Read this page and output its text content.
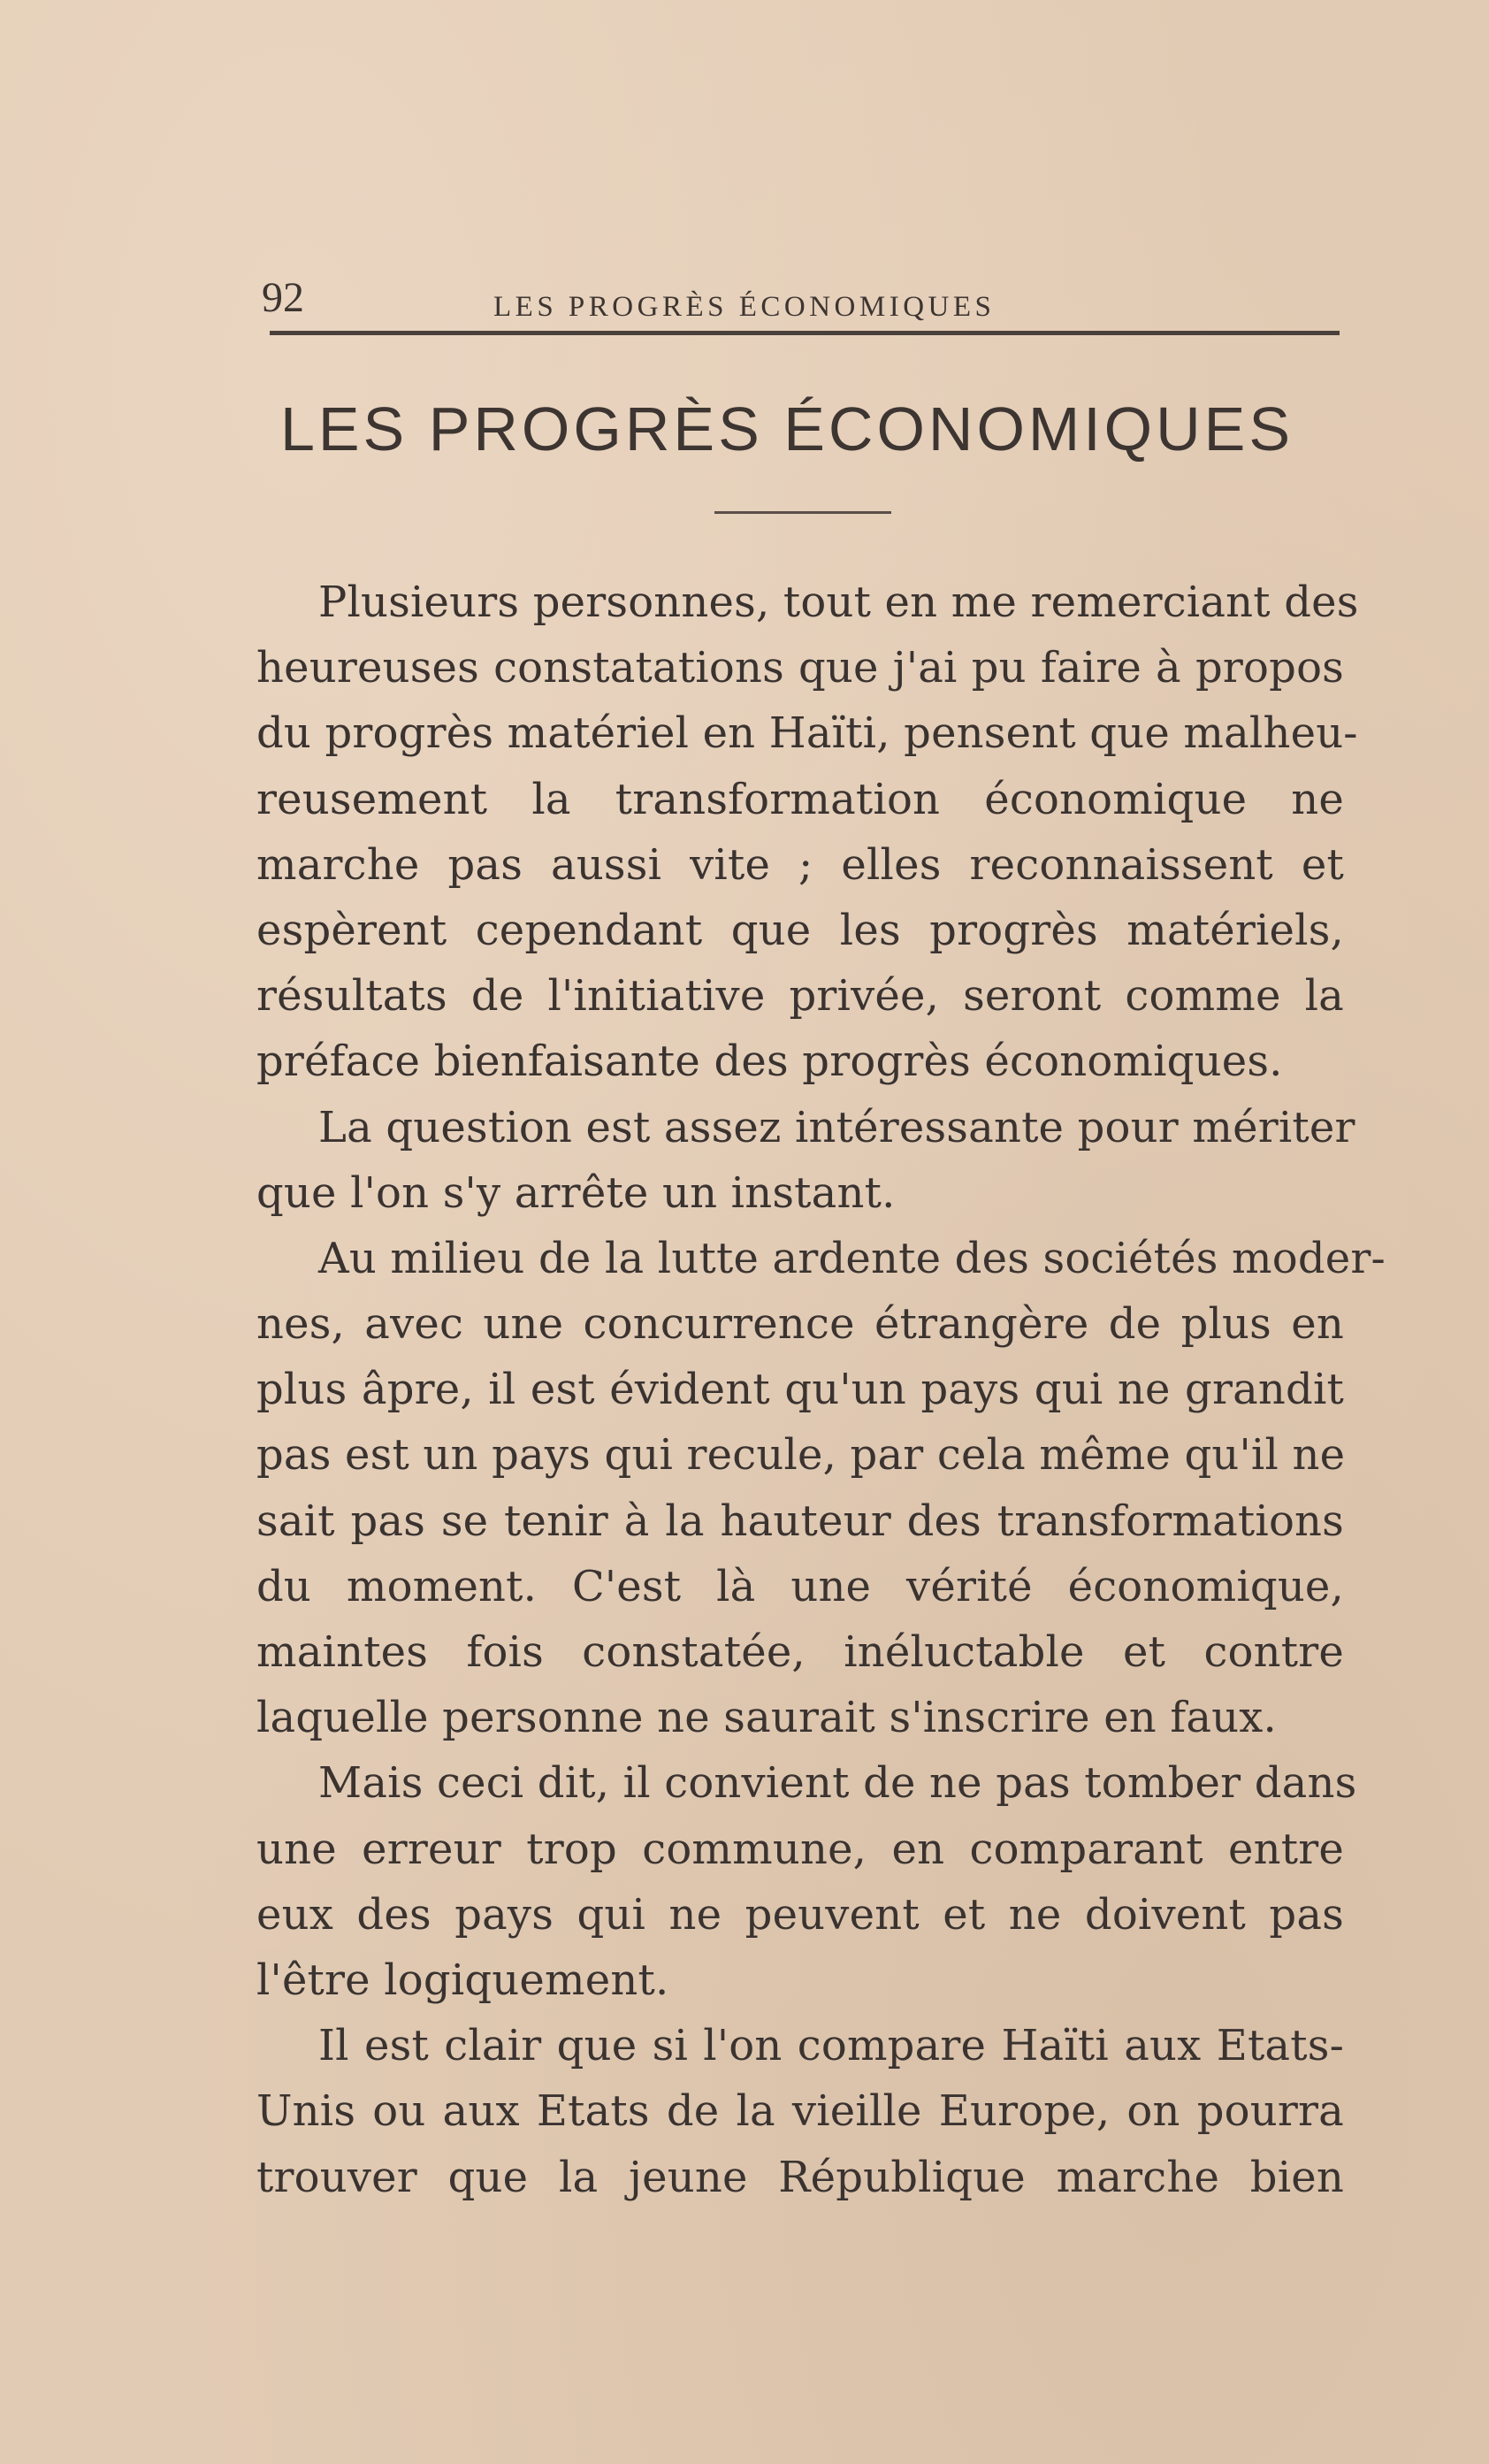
92	LES PROGRÈS ÉCONOMIQUES
LES PROGRÈS ÉCONOMIQUES
Plusieurs personnes, tout en me remerciant des
heureuses constatations que j'ai pu faire à propos
du progrès matériel en Haïti, pensent que malheu-
reusement la transformation économique ne
marche pas aussi vite ; elles reconnaissent et
espèrent cependant que les progrès matériels,
résultats de l'initiative privée, seront comme la
préface bienfaisante des progrès économiques.
La question est assez intéressante pour mériter
que l'on s'y arrête un instant.
Au milieu de la lutte ardente des sociétés moder-
nes, avec une concurrence étrangère de plus en
plus âpre, il est évident qu'un pays qui ne grandit
pas est un pays qui recule, par cela même qu'il ne
sait pas se tenir à la hauteur des transformations
du moment. C'est là une vérité économique,
maintes fois constatée, inéluctable et contre
laquelle personne ne saurait s'inscrire en faux.
Mais ceci dit, il convient de ne pas tomber dans
une erreur trop commune, en comparant entre
eux des pays qui ne peuvent et ne doivent pas
l'être logiquement.
Il est clair que si l'on compare Haïti aux Etats-
Unis ou aux Etats de la vieille Europe, on pourra
trouver que la jeune République marche bien
